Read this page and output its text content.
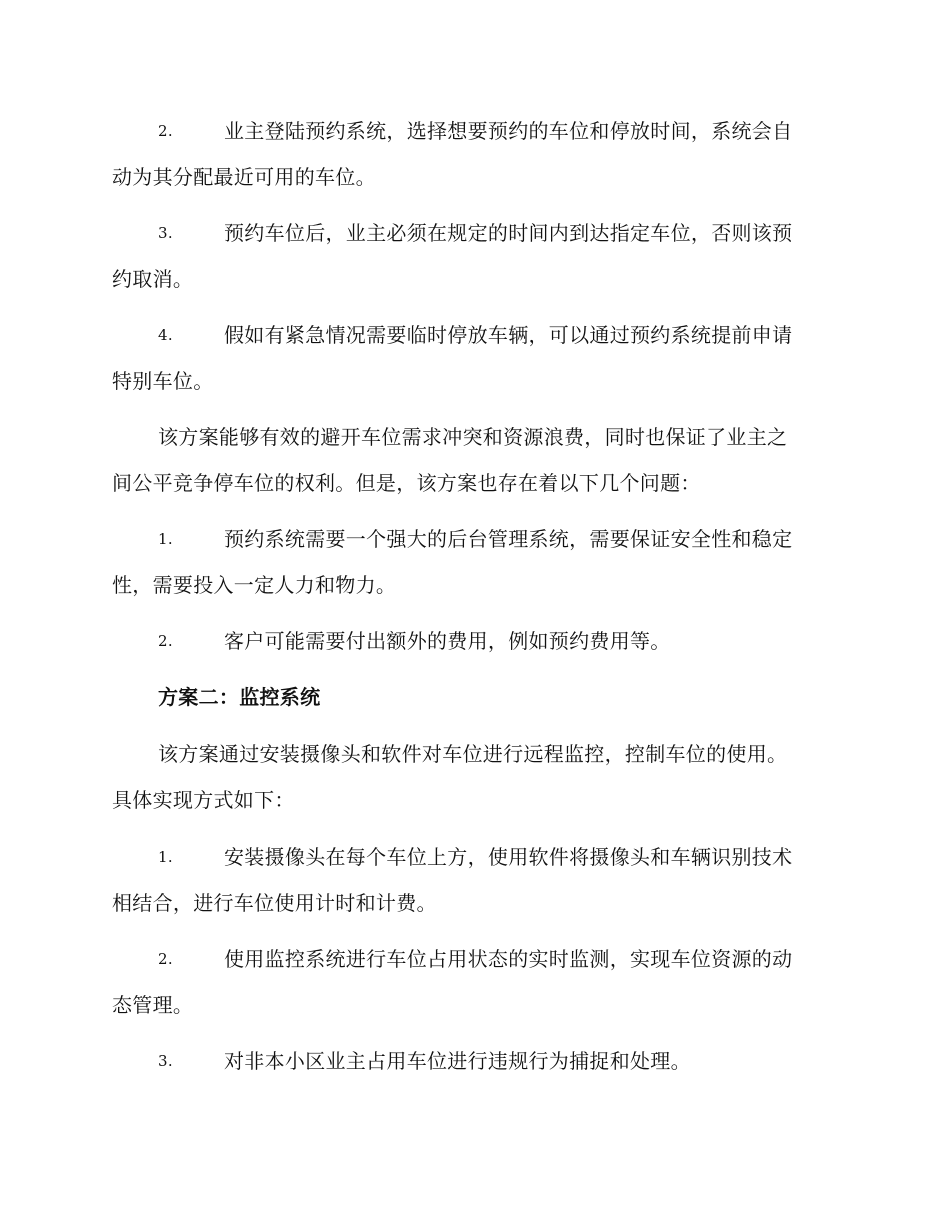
2.	业主登陆预约系统，选择想要预约的车位和停放时间，系统会自
动为其分配最近可用的车位。
3.	预约车位后，业主必须在规定的时间内到达指定车位，否则该预
约取消。
4.	假如有紧急情况需要临时停放车辆，可以通过预约系统提前申请
特别车位。
该方案能够有效的避开车位需求冲突和资源浪费，同时也保证了业主之
间公平竞争停车位的权利。但是，该方案也存在着以下几个问题：
1.	预约系统需要一个强大的后台管理系统，需要保证安全性和稳定
性，需要投入一定人力和物力。
2.	客户可能需要付出额外的费用，例如预约费用等。
方案二：监控系统
该方案通过安装摄像头和软件对车位进行远程监控，控制车位的使用。
具体实现方式如下：
1.	安装摄像头在每个车位上方，使用软件将摄像头和车辆识别技术
相结合，进行车位使用计时和计费。
2.	使用监控系统进行车位占用状态的实时监测，实现车位资源的动
态管理。
3.	对非本小区业主占用车位进行违规行为捕捉和处理。
